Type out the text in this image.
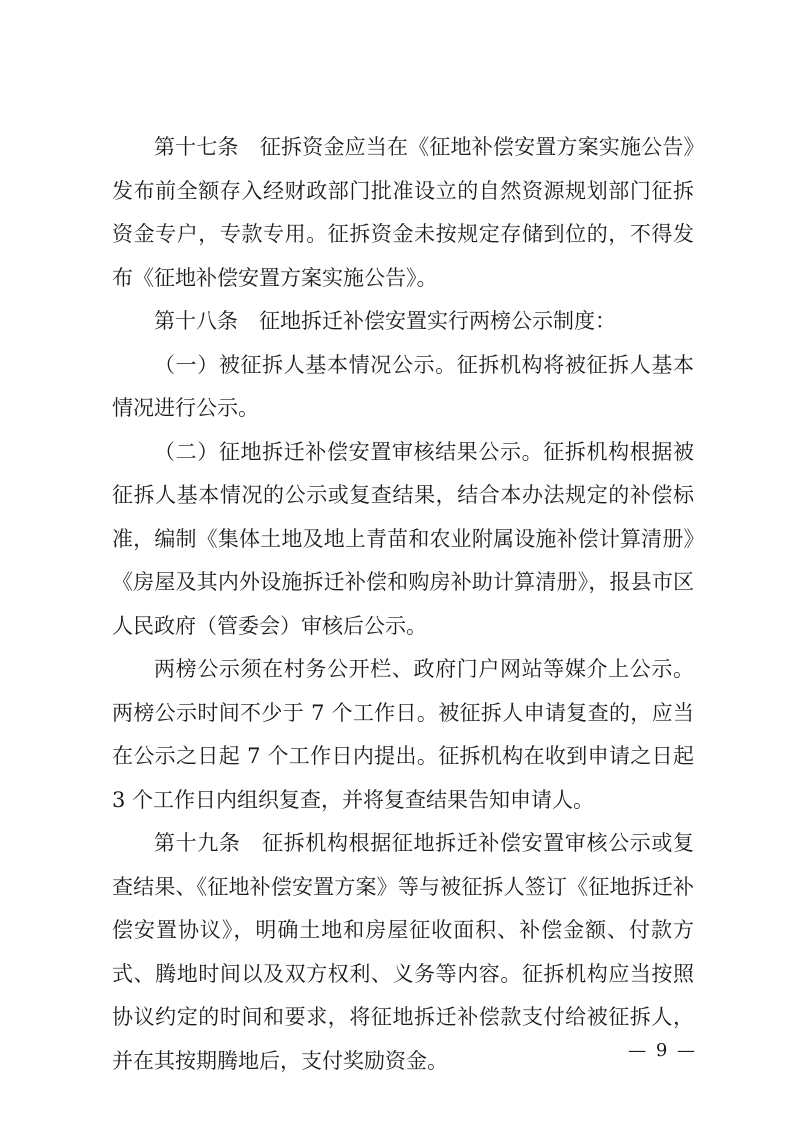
第十七条 征拆资金应当在《征地补偿安置方案实施公告》发布前全额存入经财政部门批准设立的自然资源规划部门征拆资金专户，专款专用。征拆资金未按规定存储到位的，不得发布《征地补偿安置方案实施公告》。

第十八条 征地拆迁补偿安置实行两榜公示制度：

（一）被征拆人基本情况公示。征拆机构将被征拆人基本情况进行公示。

（二）征地拆迁补偿安置审核结果公示。征拆机构根据被征拆人基本情况的公示或复查结果，结合本办法规定的补偿标准，编制《集体土地及地上青苗和农业附属设施补偿计算清册》《房屋及其内外设施拆迁补偿和购房补助计算清册》，报县市区人民政府（管委会）审核后公示。

两榜公示须在村务公开栏、政府门户网站等媒介上公示。两榜公示时间不少于 7 个工作日。被征拆人申请复查的，应当在公示之日起 7 个工作日内提出。征拆机构在收到申请之日起 3 个工作日内组织复查，并将复查结果告知申请人。

第十九条 征拆机构根据征地拆迁补偿安置审核公示或复查结果、《征地补偿安置方案》等与被征拆人签订《征地拆迁补偿安置协议》，明确土地和房屋征收面积、补偿金额、付款方式、腾地时间以及双方权利、义务等内容。征拆机构应当按照协议约定的时间和要求，将征地拆迁补偿款支付给被征拆人，并在其按期腾地后，支付奖励资金。	— 9 —
